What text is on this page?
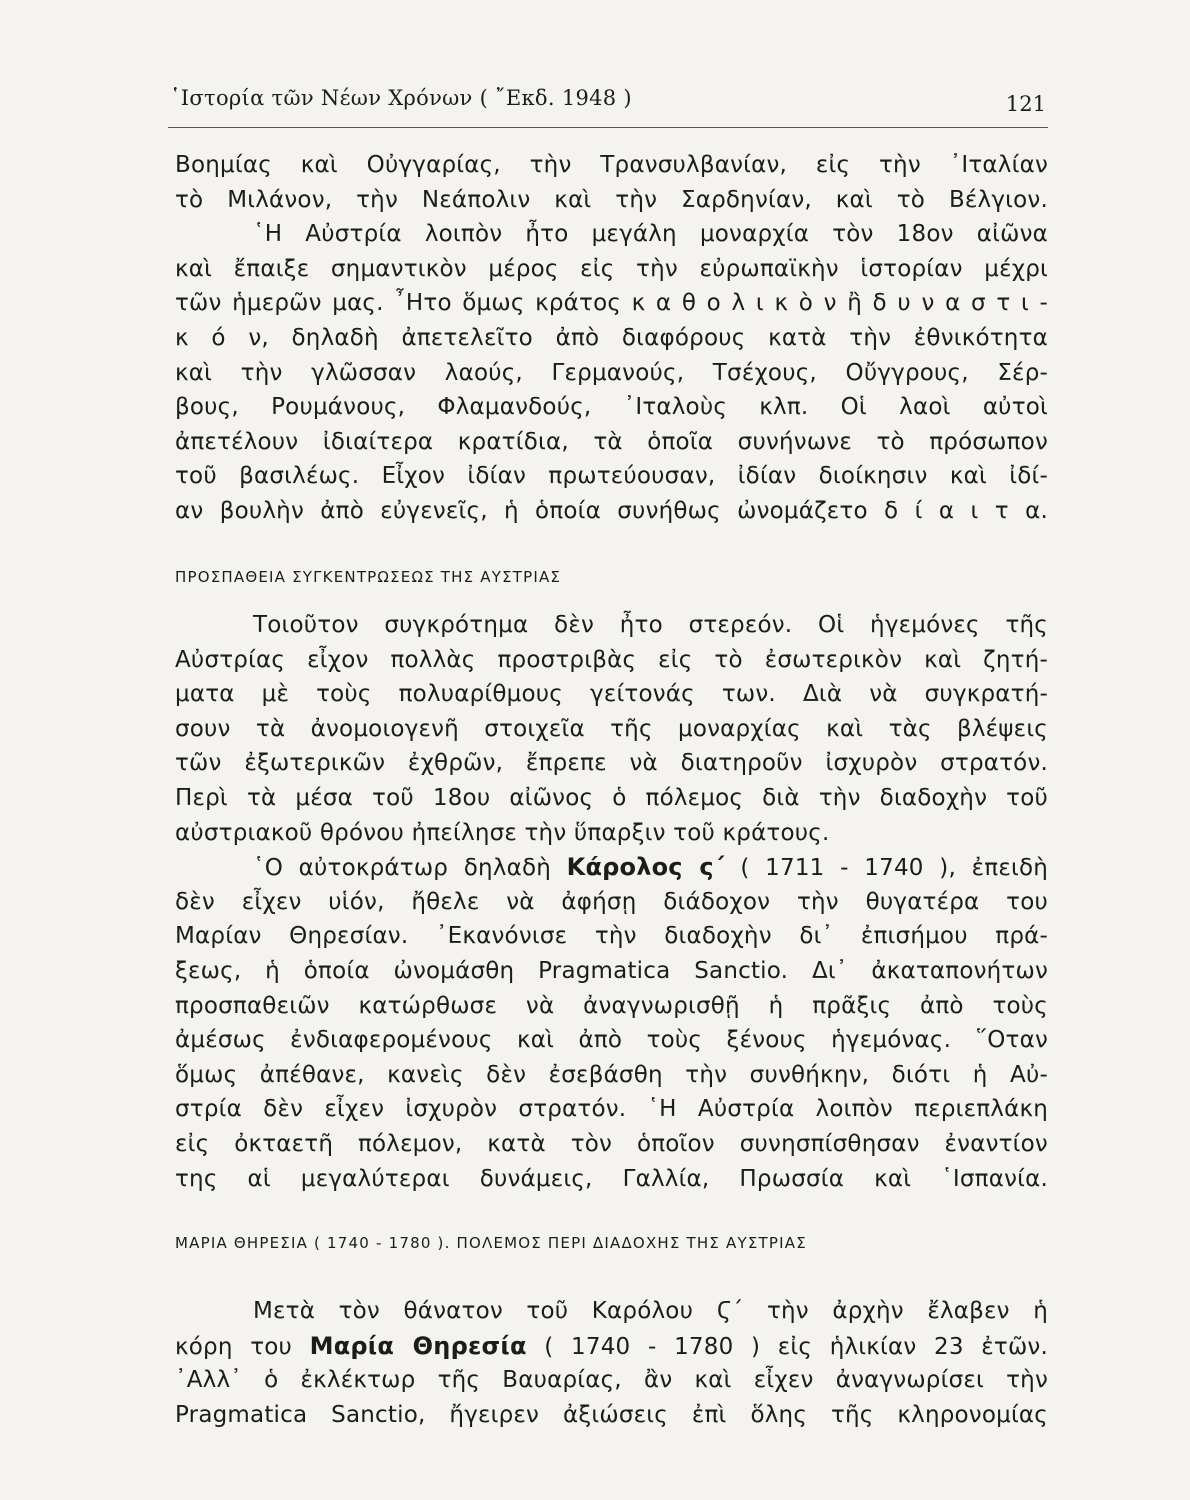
῾Ιστορία τῶν Νέων Χρόνων ( ῎Εκδ. 1948 )	121
Βοημίας καὶ Οὐγγαρίας, τὴν Τρανσυλβανίαν, εἰς τὴν ᾿Ιταλίαν
τὸ Μιλάνον, τὴν Νεάπολιν καὶ τὴν Σαρδηνίαν, καὶ τὸ Βέλγιον.
῾Η Αὐστρία λοιπὸν ἦτο μεγάλη μοναρχία τὸν 18ον αἰῶνα
καὶ ἔπαιξε σημαντικὸν μέρος εἰς τὴν εὐρωπαϊκὴν ἱστορίαν μέχρι
τῶν ἡμερῶν μας. ῏Ητο ὅμως κράτος κ α θ ο λ ι κ ὸ ν ἢ δ υ ν α σ τ ι -
κ ό ν, δηλαδὴ ἀπετελεῖτο ἀπὸ διαφόρους κατὰ τὴν ἐθνικότητα
καὶ τὴν γλῶσσαν λαούς, Γερμανούς, Τσέχους, Οὔγγρους, Σέρ-
βους, Ρουμάνους, Φλαμανδούς, ᾿Ιταλοὺς κλπ. Οἱ λαοὶ αὐτοὶ
ἀπετέλουν ἰδιαίτερα κρατίδια, τὰ ὁποῖα συνήνωνε τὸ πρόσωπον
τοῦ βασιλέως. Εἶχον ἰδίαν πρωτεύουσαν, ἰδίαν διοίκησιν καὶ ἰδί-
αν βουλὴν ἀπὸ εὐγενεῖς, ἡ ὁποία συνήθως ὠνομάζετο δ ί α ι τ α.
ΠΡΟΣΠΑΘΕΙΑ ΣΥΓΚΕΝΤΡΩΣΕΩΣ ΤΗΣ ΑΥΣΤΡΙΑΣ
Τοιοῦτον συγκρότημα δὲν ἦτο στερεόν. Οἱ ἡγεμόνες τῆς
Αὐστρίας εἶχον πολλὰς προστριβὰς εἰς τὸ ἐσωτερικὸν καὶ ζητή-
ματα μὲ τοὺς πολυαρίθμους γείτονάς των. Διὰ νὰ συγκρατή-
σουν τὰ ἀνομοιογενῆ στοιχεῖα τῆς μοναρχίας καὶ τὰς βλέψεις
τῶν ἐξωτερικῶν ἐχθρῶν, ἔπρεπε νὰ διατηροῦν ἰσχυρὸν στρατόν.
Περὶ τὰ μέσα τοῦ 18ου αἰῶνος ὁ πόλεμος διὰ τὴν διαδοχὴν τοῦ
αὐστριακοῦ θρόνου ἠπείλησε τὴν ὕπαρξιν τοῦ κράτους.
῾Ο αὐτοκράτωρ δηλαδὴ Κάρολος ς΄ ( 1711 - 1740 ), ἐπειδὴ
δὲν εἶχεν υἱόν, ἤθελε νὰ ἀφήσῃ διάδοχον τὴν θυγατέρα του
Μαρίαν Θηρεσίαν. ᾿Εκανόνισε τὴν διαδοχὴν δι᾿ ἐπισήμου πρά-
ξεως, ἡ ὁποία ὠνομάσθη Pragmatica Sanctio. Δι᾿ ἀκαταπονήτων
προσπαθειῶν κατώρθωσε νὰ ἀναγνωρισθῇ ἡ πρᾶξις ἀπὸ τοὺς
ἀμέσως ἐνδιαφερομένους καὶ ἀπὸ τοὺς ξένους ἡγεμόνας. ῞Οταν
ὅμως ἀπέθανε, κανεὶς δὲν ἐσεβάσθη τὴν συνθήκην, διότι ἡ Αὐ-
στρία δὲν εἶχεν ἰσχυρὸν στρατόν. ῾Η Αὐστρία λοιπὸν περιεπλάκη
εἰς ὀκταετῆ πόλεμον, κατὰ τὸν ὁποῖον συνησπίσθησαν ἐναντίον
της αἱ μεγαλύτεραι δυνάμεις, Γαλλία, Πρωσσία καὶ ῾Ισπανία.
ΜΑΡΙΑ ΘΗΡΕΣΙΑ ( 1740 - 1780 ). ΠΟΛΕΜΟΣ ΠΕΡΙ ΔΙΑΔΟΧΗΣ ΤΗΣ ΑΥΣΤΡΙΑΣ
Μετὰ τὸν θάνατον τοῦ Καρόλου Ϛ΄ τὴν ἀρχὴν ἔλαβεν ἡ
κόρη του Μαρία Θηρεσία ( 1740 - 1780 ) εἰς ἡλικίαν 23 ἐτῶν.
᾿Αλλ᾿ ὁ ἐκλέκτωρ τῆς Βαυαρίας, ἂν καὶ εἶχεν ἀναγνωρίσει τὴν
Pragmatica Sanctio, ἤγειρεν ἀξιώσεις ἐπὶ ὅλης τῆς κληρονομίας
